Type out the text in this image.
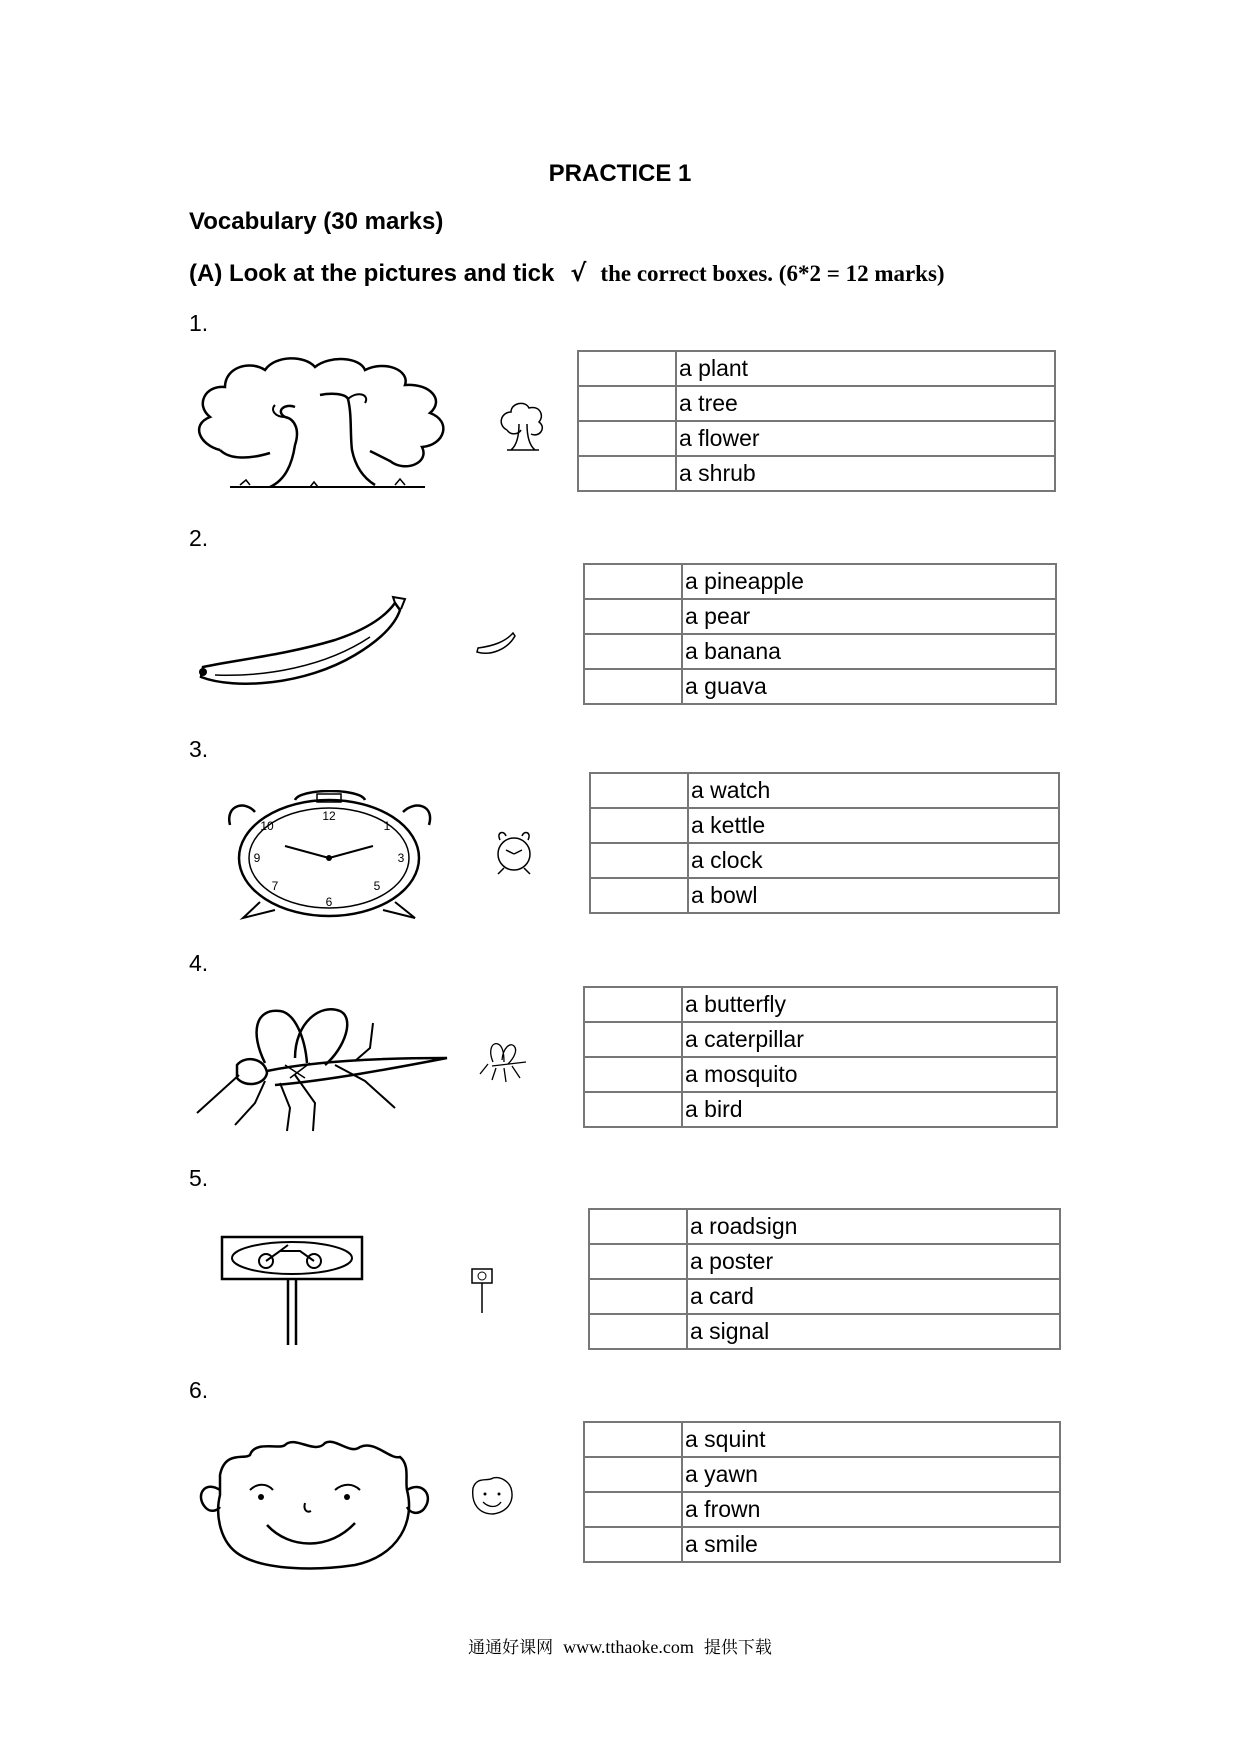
PRACTICE 1
Vocabulary (30 marks)
(A) Look at the pictures and tick √ the correct boxes. (6*2 = 12 marks)
1.
	a plant
	a tree
	a flower
	a shrub
2.
	a pineapple
	a pear
	a banana
	a guava
3.
12
10	1
9	3
6
7	5
	a watch
	a kettle
	a clock
	a bowl
4.
	a butterfly
	a caterpillar
	a mosquito
	a bird
5.
	a roadsign
	a poster
	a card
	a signal
6.
	a squint
	a yawn
	a frown
	a smile
通通好课网 www.tthaoke.com 提供下载
